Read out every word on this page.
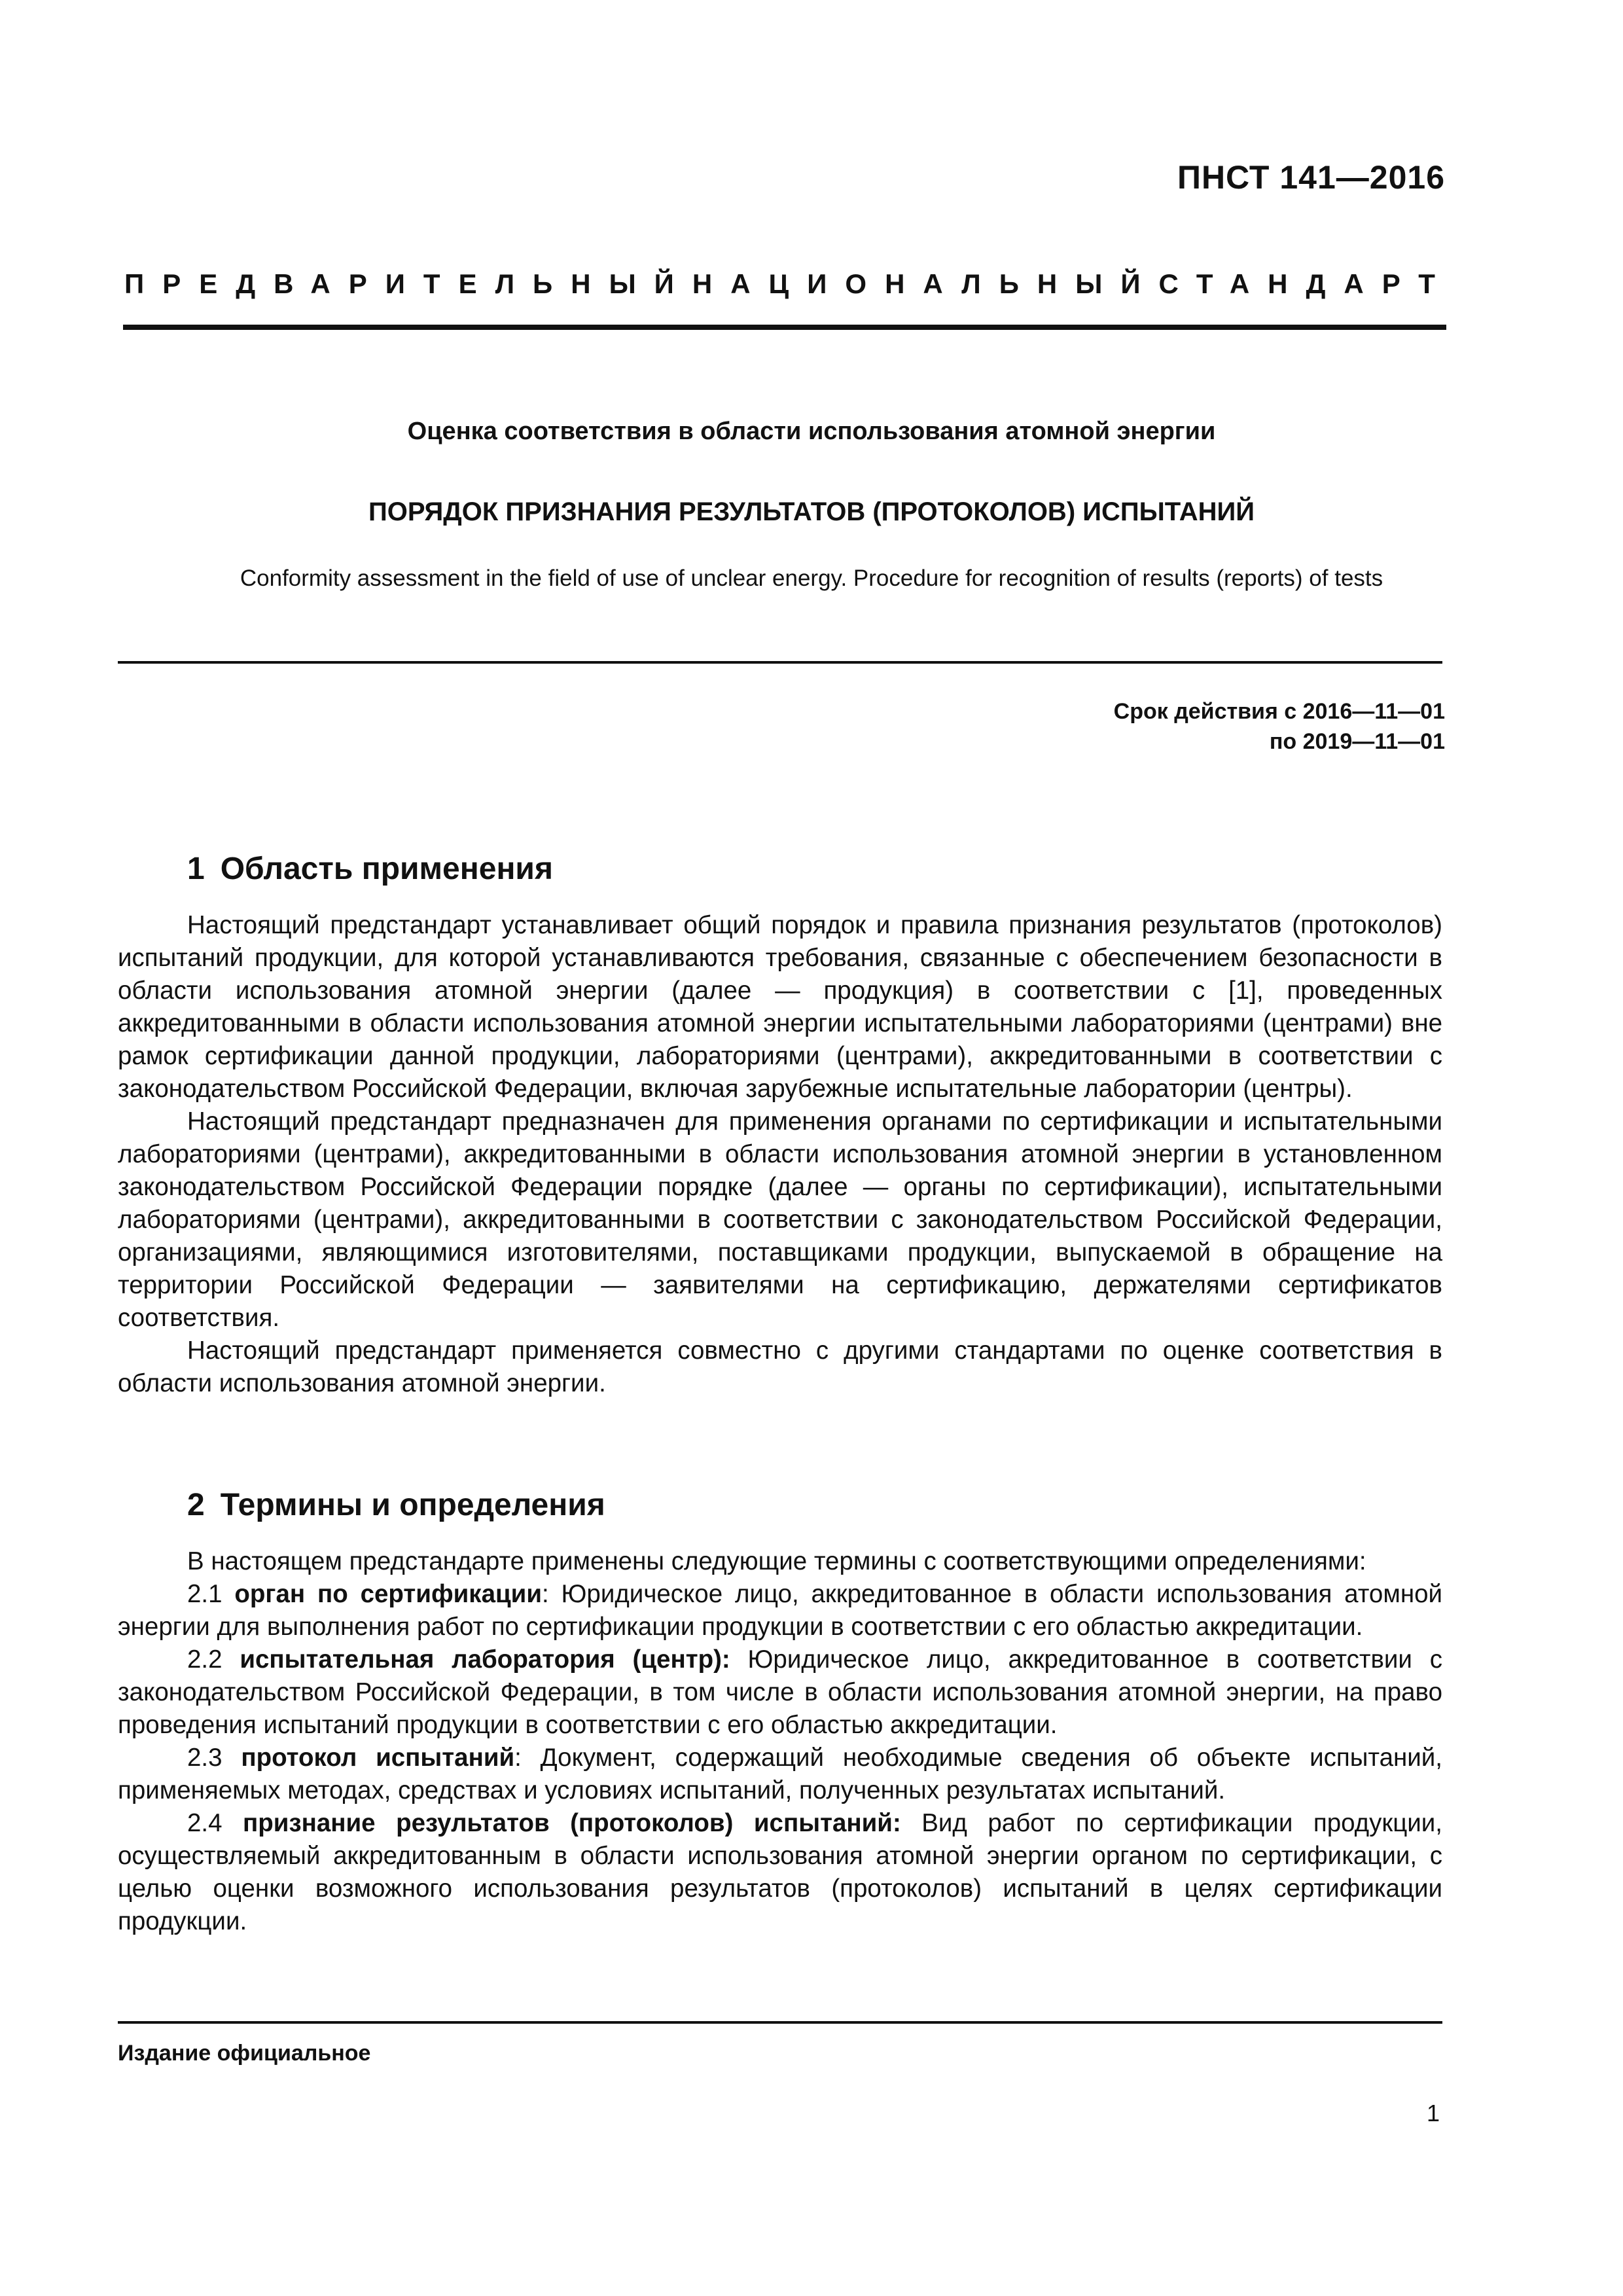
ПНСТ 141—2016
ПРЕДВАРИТЕЛЬНЫЙ НАЦИОНАЛЬНЫЙ СТАНДАРТ
Оценка соответствия в области использования атомной энергии
ПОРЯДОК ПРИЗНАНИЯ РЕЗУЛЬТАТОВ (ПРОТОКОЛОВ) ИСПЫТАНИЙ
Conformity assessment in the field of use of unclear energy. Procedure for recognition of results (reports) of tests
Срок действия с 2016—11—01
по 2019—11—01
1 Область применения

Настоящий предстандарт устанавливает общий порядок и правила признания результатов (протоколов) испытаний продукции, для которой устанавливаются требования, связанные с обеспечением безопасности в области использования атомной энергии (далее — продукция) в соответствии с [1], проведенных аккредитованными в области использования атомной энергии испытательными лабораториями (центрами) вне рамок сертификации данной продукции, лабораториями (центрами), аккредитованными в соответствии с законодательством Российской Федерации, включая зарубежные испытательные лаборатории (центры).

Настоящий предстандарт предназначен для применения органами по сертификации и испытательными лабораториями (центрами), аккредитованными в области использования атомной энергии в установленном законодательством Российской Федерации порядке (далее — органы по сертификации), испытательными лабораториями (центрами), аккредитованными в соответствии с законодательством Российской Федерации, организациями, являющимися изготовителями, поставщиками продукции, выпускаемой в обращение на территории Российской Федерации — заявителями на сертификацию, держателями сертификатов соответствия.

Настоящий предстандарт применяется совместно с другими стандартами по оценке соответствия в области использования атомной энергии.

2 Термины и определения

В настоящем предстандарте применены следующие термины с соответствующими определениями:

2.1 орган по сертификации: Юридическое лицо, аккредитованное в области использования атомной энергии для выполнения работ по сертификации продукции в соответствии с его областью аккредитации.

2.2 испытательная лаборатория (центр): Юридическое лицо, аккредитованное в соответствии с законодательством Российской Федерации, в том числе в области использования атомной энергии, на право проведения испытаний продукции в соответствии с его областью аккредитации.

2.3 протокол испытаний: Документ, содержащий необходимые сведения об объекте испытаний, применяемых методах, средствах и условиях испытаний, полученных результатах испытаний.

2.4 признание результатов (протоколов) испытаний: Вид работ по сертификации продукции, осуществляемый аккредитованным в области использования атомной энергии органом по сертификации, с целью оценки возможного использования результатов (протоколов) испытаний в целях сертификации продукции.

Издание официальное
1
